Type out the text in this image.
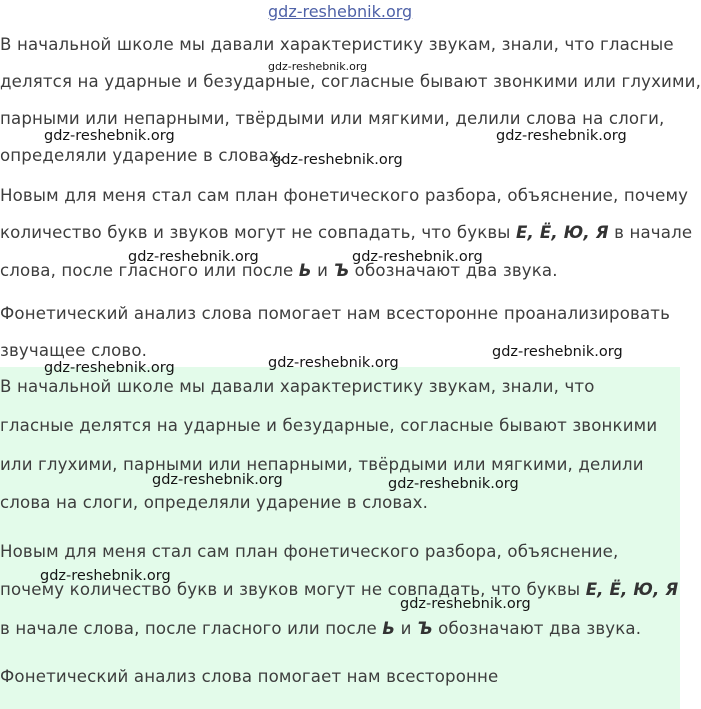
В начальной школе мы давали характеристику звукам, знали, что гласные

делятся на ударные и безударные, согласные бывают звонкими или глухими,

парными или непарными, твёрдыми или мягкими, делили слова на слоги,

определяли ударение в словах.

Новым для меня стал сам план фонетического разбора, объяснение, почему

количество букв и звуков могут не совпадать, что буквы Е, Ё, Ю, Я в начале

слова, после гласного или после Ь и Ъ обозначают два звука.

Фонетический анализ слова помогает нам всесторонне проанализировать

звучащее слово.

В начальной школе мы давали характеристику звукам, знали, что

гласные делятся на ударные и безударные, согласные бывают звонкими

или глухими, парными или непарными, твёрдыми или мягкими, делили

слова на слоги, определяли ударение в словах.

Новым для меня стал сам план фонетического разбора, объяснение,

почему количество букв и звуков могут не совпадать, что буквы Е, Ё, Ю, Я

в начале слова, после гласного или после Ь и Ъ обозначают два звука.

Фонетический анализ слова помогает нам всесторонне

gdz-reshebnik.org
gdz-reshebnik.org
gdz-reshebnik.org	gdz-reshebnik.org
gdz-reshebnik.org
gdz-reshebnik.org	gdz-reshebnik.org
gdz-reshebnik.org
gdz-reshebnik.org
gdz-reshebnik.org
gdz-reshebnik.org	gdz-reshebnik.org
gdz-reshebnik.org
gdz-reshebnik.org
